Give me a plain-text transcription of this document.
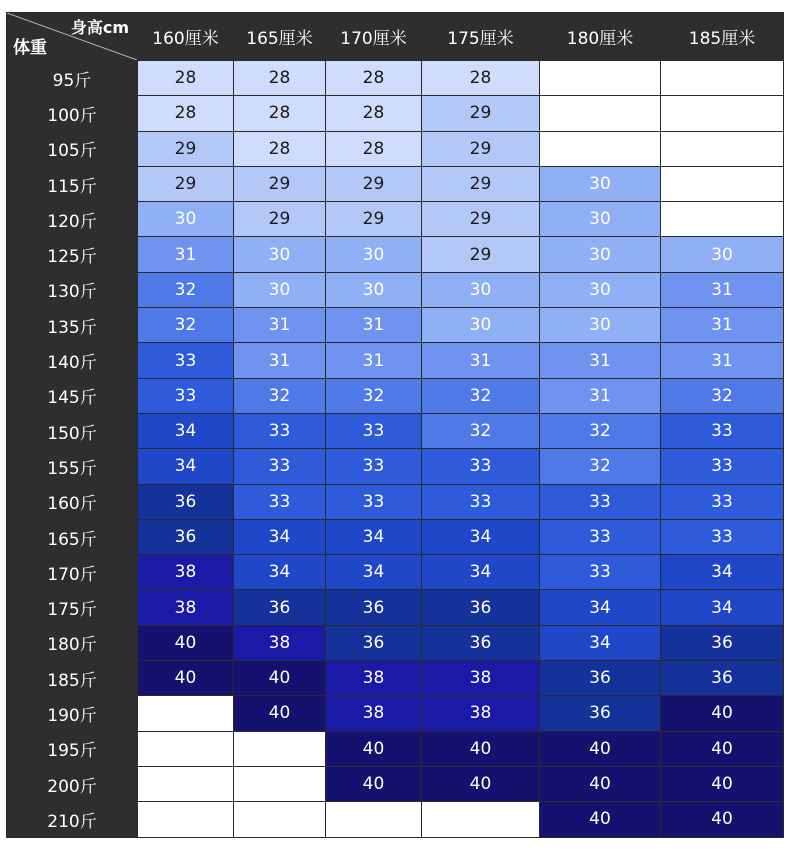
身高cm
体重	160厘米	165厘米	170厘米	175厘米	180厘米	185厘米
95斤	28	28	28	28		
100斤	28	28	28	29		
105斤	29	28	28	29		
115斤	29	29	29	29	30	
120斤	30	29	29	29	30	
125斤	31	30	30	29	30	30
130斤	32	30	30	30	30	31
135斤	32	31	31	30	30	31
140斤	33	31	31	31	31	31
145斤	33	32	32	32	31	32
150斤	34	33	33	32	32	33
155斤	34	33	33	33	32	33
160斤	36	33	33	33	33	33
165斤	36	34	34	34	33	33
170斤	38	34	34	34	33	34
175斤	38	36	36	36	34	34
180斤	40	38	36	36	34	36
185斤	40	40	38	38	36	36
190斤		40	38	38	36	40
195斤			40	40	40	40
200斤			40	40	40	40
210斤					40	40
